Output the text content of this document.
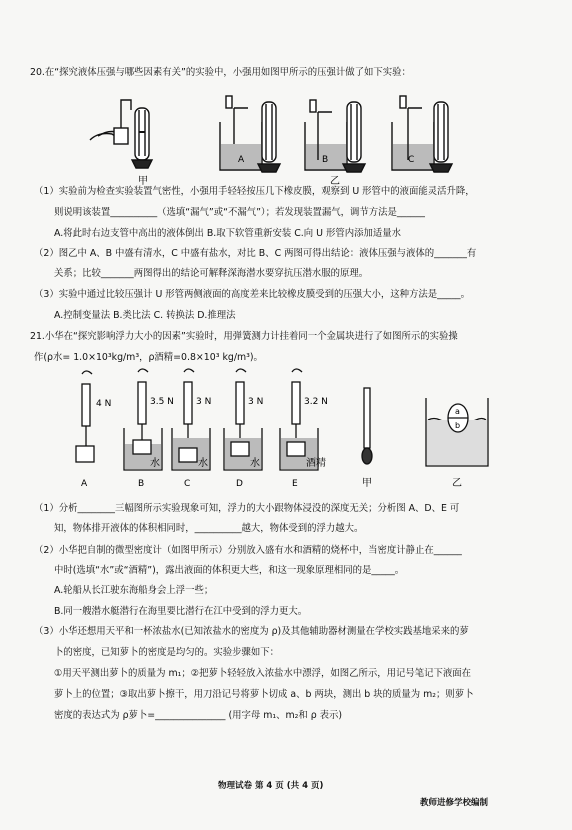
20.在“探究液体压强与哪些因素有关”的实验中，小强用如图甲所示的压强计做了如下实验：
甲
A	B	C
乙
（1）实验前为检查实验装置气密性，小强用手轻轻按压几下橡皮膜，观察到 U 形管中的液面能灵活升降，
则说明该装置__________（选填“漏气”或“不漏气”）；若发现装置漏气，调节方法是______
A.将此时右边支管中高出的液体倒出 B.取下软管重新安装 C.向 U 形管内添加适量水
（2）图乙中 A、B 中盛有清水，C 中盛有盐水，对比 B、C 两图可得出结论：液体压强与液体的_______有
关系；比较_______两图得出的结论可解释深海潜水要穿抗压潜水服的原理。
（3）实验中通过比较压强计 U 形管两侧液面的高度差来比较橡皮膜受到的压强大小，这种方法是_____。
A.控制变量法 B.类比法 C. 转换法 D.推理法
21.小华在“探究影响浮力大小的因素”实验时，用弹簧测力计挂着同一个金属块进行了如图所示的实验操
作(ρ水= 1.0×10³kg/m³，ρ酒精=0.8×10³ kg/m³)。
4 N
A
3.5 N
水
B
3 N
水
C
3 N
水
D
3.2 N
酒精
E	甲
a
b
乙
（1）分析________三幅图所示实验现象可知，浮力的大小跟物体浸没的深度无关；分析图 A、D、E 可
知，物体排开液体的体积相同时，__________越大，物体受到的浮力越大。
（2）小华把自制的微型密度计（如图甲所示）分别放入盛有水和酒精的烧杯中，当密度计静止在______
中时(选填“水”或“酒精”)，露出液面的体积更大些，和这一现象原理相同的是_____。
A.轮船从长江驶东海船身会上浮一些；
B.同一艘潜水艇潜行在海里要比潜行在江中受到的浮力更大。
（3）小华还想用天平和一杯浓盐水(已知浓盐水的密度为 ρ)及其他辅助器材测量在学校实践基地采来的萝
卜的密度，已知萝卜的密度是均匀的。实验步骤如下：
①用天平测出萝卜的质量为 m₁；②把萝卜轻轻放入浓盐水中漂浮，如图乙所示，用记号笔记下液面在
萝卜上的位置；③取出萝卜擦干，用刀沿记号将萝卜切成 a、b 两块，测出 b 块的质量为 m₂；则萝卜
密度的表达式为 ρ萝卜=_______________ (用字母 m₁、m₂和 ρ 表示)
物理试卷 第 4 页 (共 4 页)
教师进修学校编制
